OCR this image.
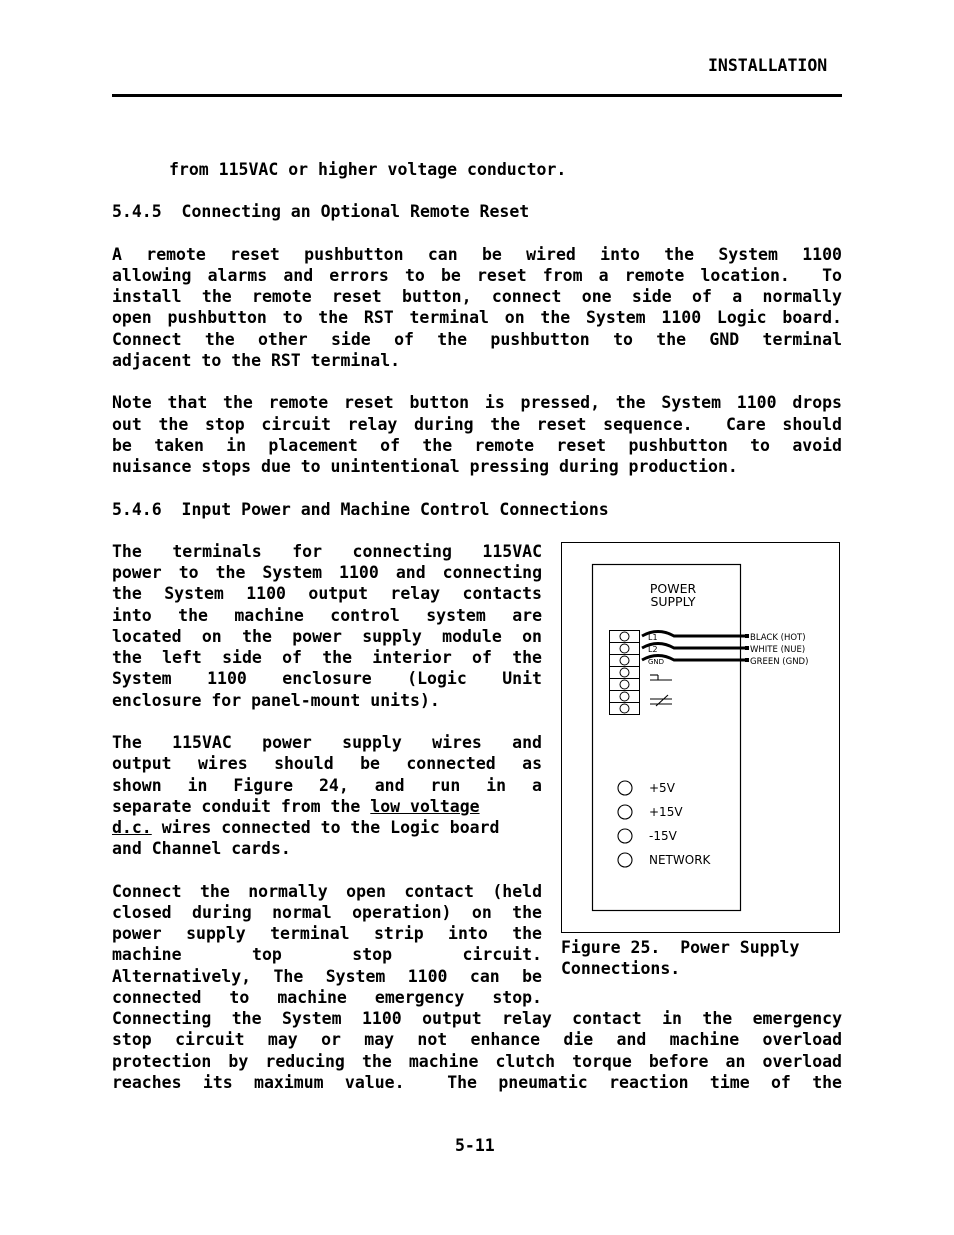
INSTALLATION
from 115VAC or higher voltage conductor.
5.4.5  Connecting an Optional Remote Reset
A remote reset pushbutton can be wired into the System 1100
allowing alarms and errors to be reset from a remote location.  To
install the remote reset button, connect one side of a normally
open pushbutton to the RST terminal on the System 1100 Logic board.
Connect the other side of the pushbutton to the GND terminal
adjacent to the RST terminal.
Note that the remote reset button is pressed, the System 1100 drops
out the stop circuit relay during the reset sequence.  Care should
be taken in placement of the remote reset pushbutton to avoid
nuisance stops due to unintentional pressing during production.
5.4.6  Input Power and Machine Control Connections
The terminals for connecting 115VAC
power to the System 1100 and connecting
the System 1100 output relay contacts
into the machine control system are
located on the power supply module on
the left side of the interior of the
System 1100 enclosure (Logic Unit
enclosure for panel-mount units).
The 115VAC power supply wires and
output wires should be connected as
shown in Figure 24, and run in a
separate conduit from the low voltage
d.c. wires connected to the Logic board
and Channel cards.
Connect the normally open contact (held
closed during normal operation) on the
power supply terminal strip into the
machine top stop circuit.
Alternatively, The System 1100 can be
connected to machine emergency stop.
Connecting the System 1100 output relay contact in the emergency
stop circuit may or may not enhance die and machine overload
protection by reducing the machine clutch torque before an overload
reaches its maximum value.  The pneumatic reaction time of the
POWER
SUPPLY
L1
L2
GND
BLACK (HOT)
WHITE (NUE)
GREEN (GND)
+5V
+15V
-15V
NETWORK
Figure 25.  Power Supply
Connections.
5-11
